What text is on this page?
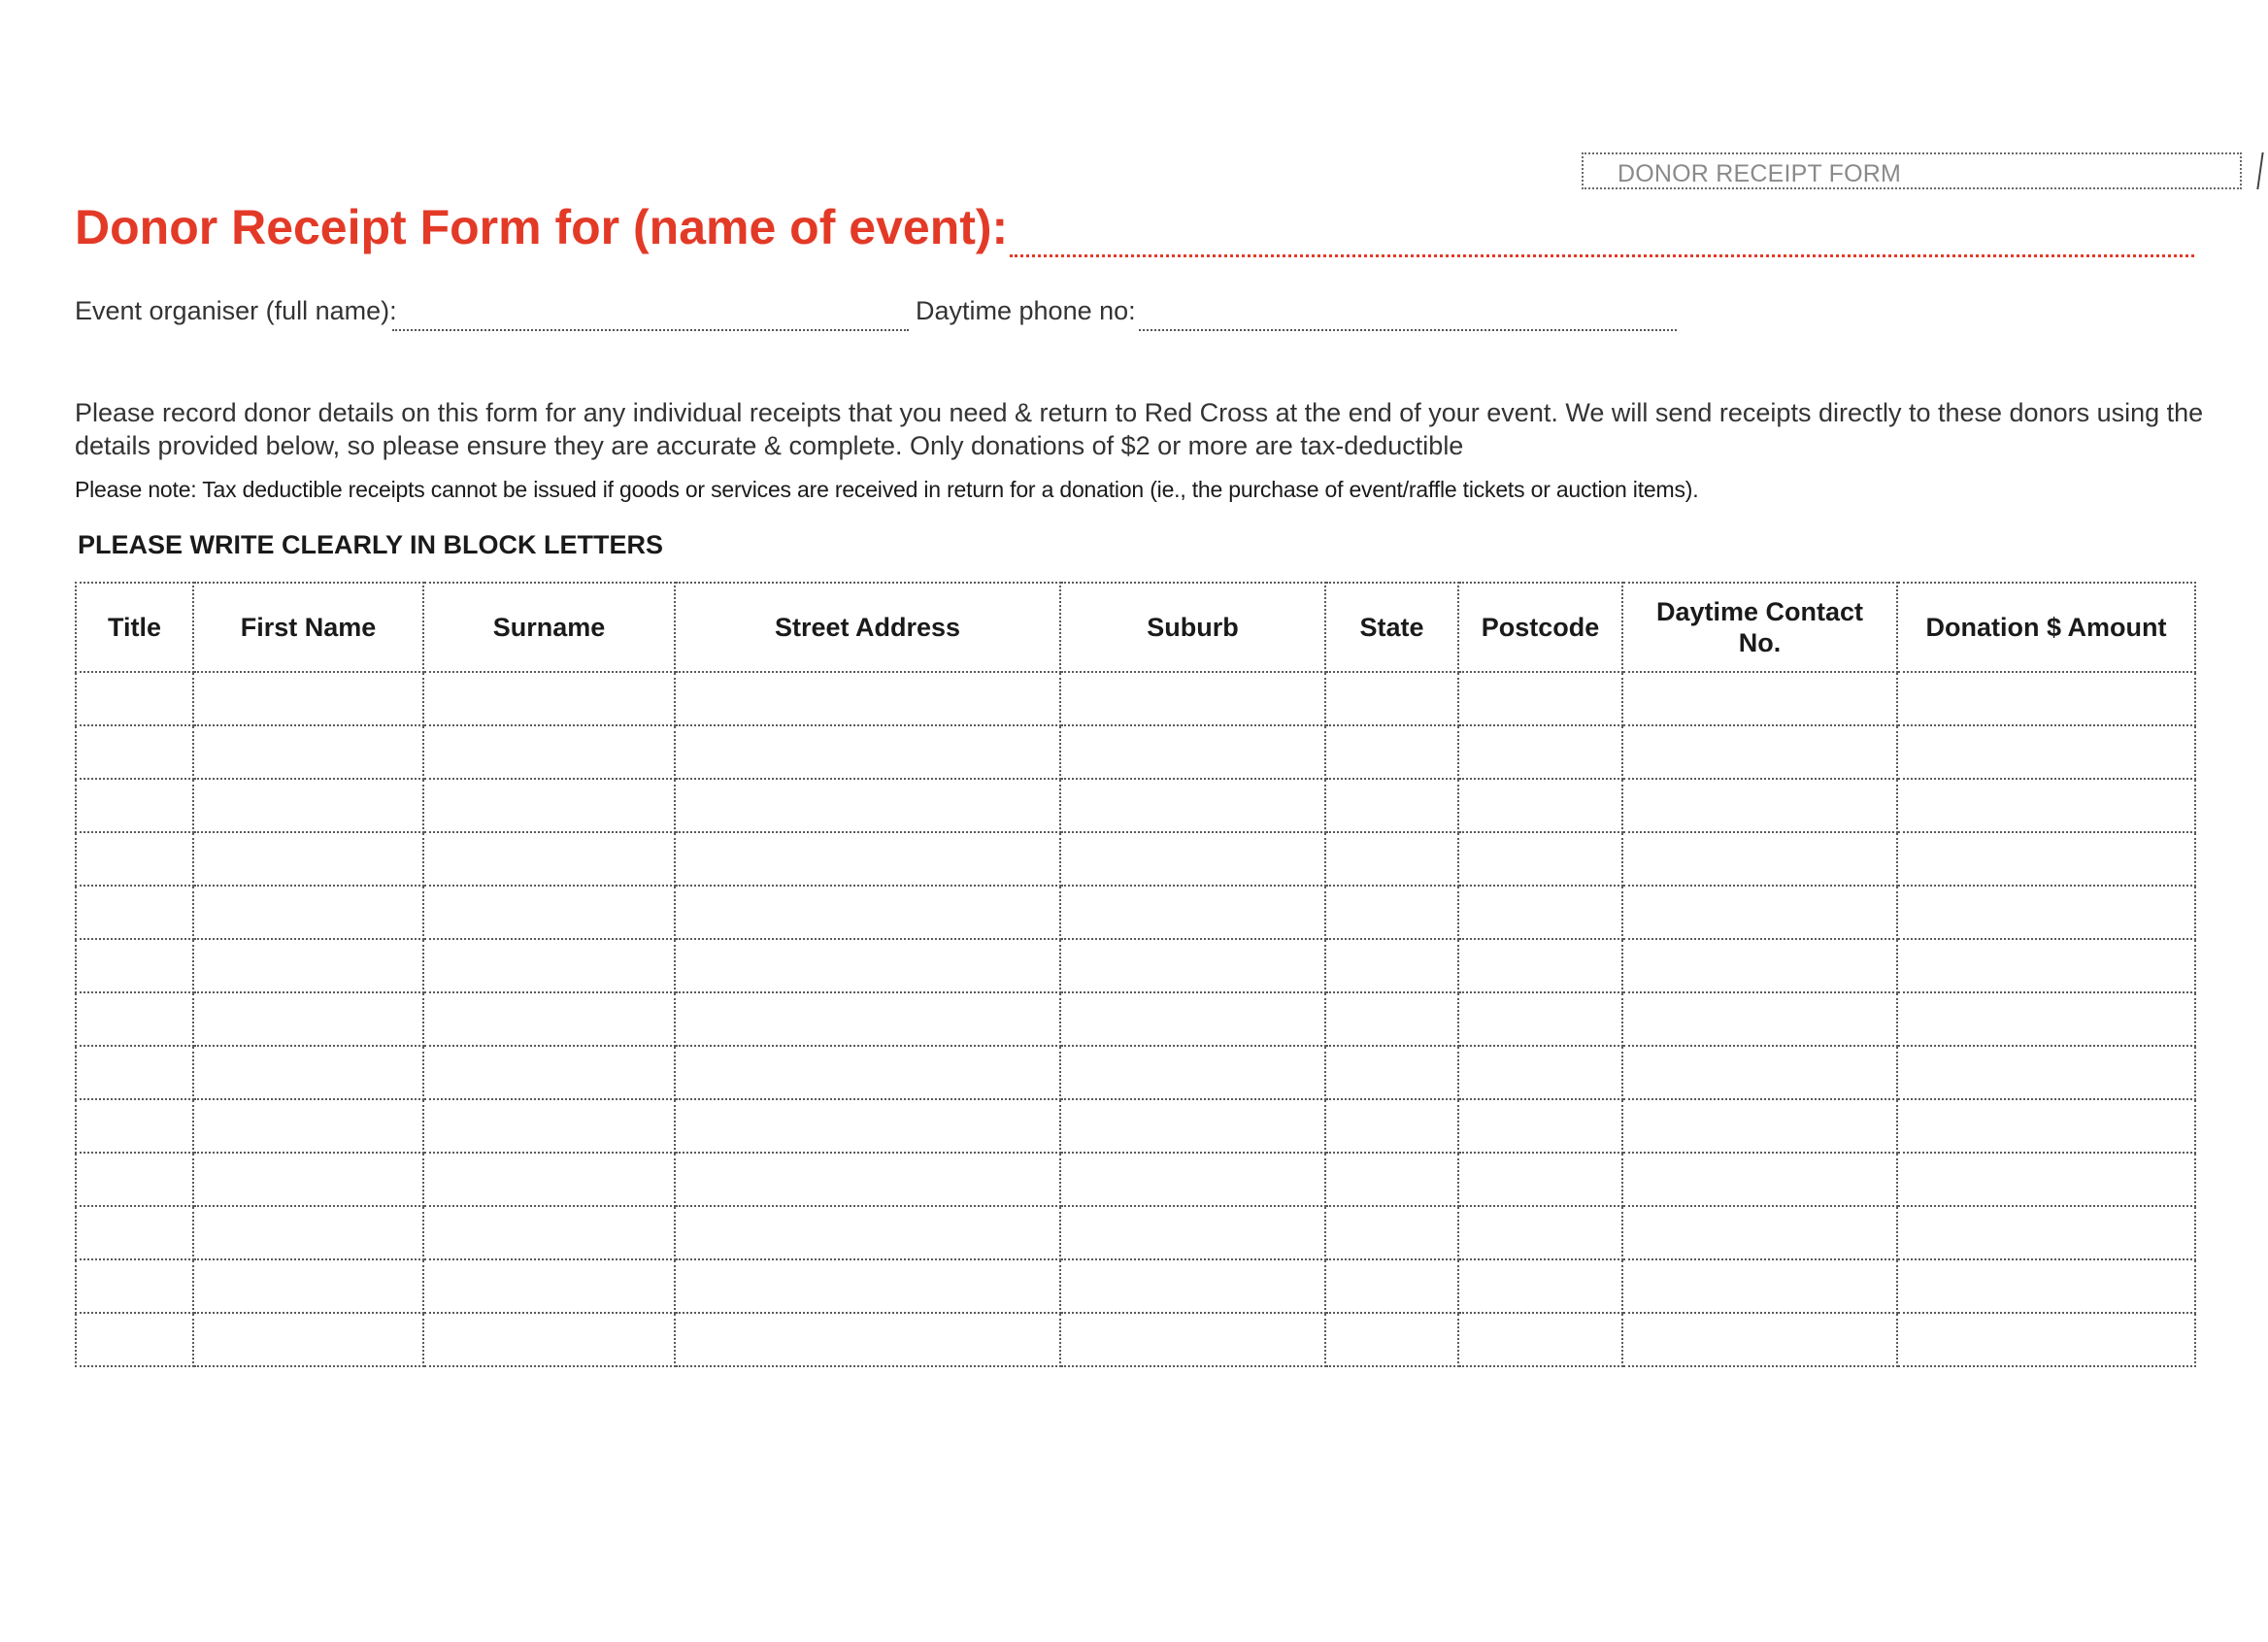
DONOR RECEIPT FORM
Donor Receipt Form for (name of event):
Event organiser (full name):	Daytime phone no:
Please record donor details on this form for any individual receipts that you need & return to Red Cross at the end of your event. We will send receipts directly to these donors using the details provided below, so please ensure they are accurate & complete. Only donations of $2 or more are tax-deductible
Please note: Tax deductible receipts cannot be issued if goods or services are received in return for a donation (ie., the purchase of event/raffle tickets or auction items).
PLEASE WRITE CLEARLY IN BLOCK LETTERS
Title	First Name	Surname	Street Address	Suburb	State	Postcode	Daytime Contact No.	Donation $ Amount
